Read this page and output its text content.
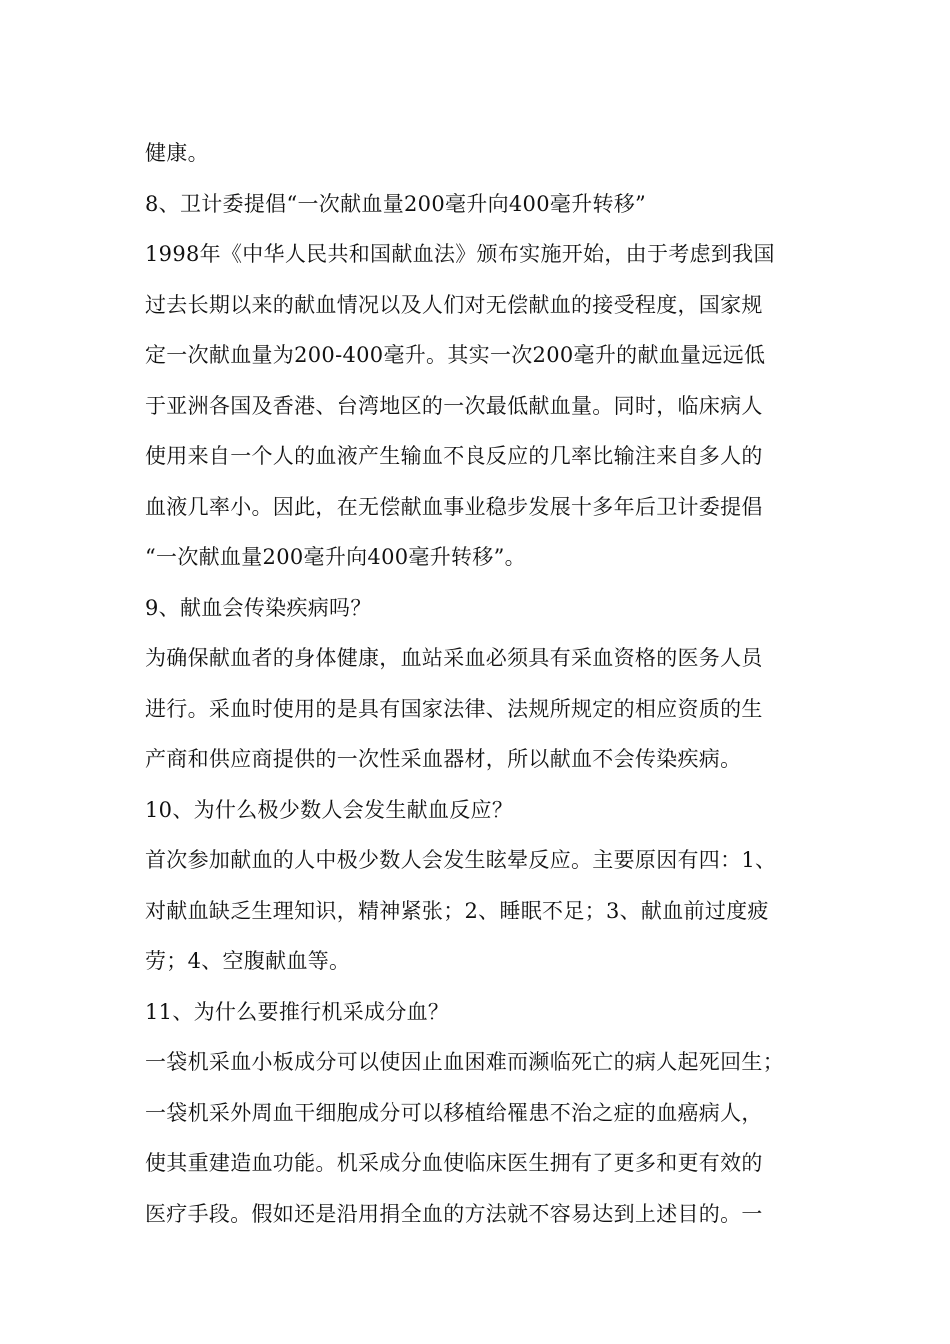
健康。
8、卫计委提倡“一次献血量200毫升向400毫升转移”
1998年《中华人民共和国献血法》颁布实施开始，由于考虑到我国
过去长期以来的献血情况以及人们对无偿献血的接受程度，国家规
定一次献血量为200-400毫升。其实一次200毫升的献血量远远低
于亚洲各国及香港、台湾地区的一次最低献血量。同时，临床病人
使用来自一个人的血液产生输血不良反应的几率比输注来自多人的
血液几率小。因此，在无偿献血事业稳步发展十多年后卫计委提倡
“一次献血量200毫升向400毫升转移”。
9、献血会传染疾病吗？
为确保献血者的身体健康，血站采血必须具有采血资格的医务人员
进行。采血时使用的是具有国家法律、法规所规定的相应资质的生
产商和供应商提供的一次性采血器材，所以献血不会传染疾病。
10、为什么极少数人会发生献血反应？
首次参加献血的人中极少数人会发生眩晕反应。主要原因有四：1、
对献血缺乏生理知识，精神紧张；2、睡眠不足；3、献血前过度疲
劳；4、空腹献血等。
11、为什么要推行机采成分血？
一袋机采血小板成分可以使因止血困难而濒临死亡的病人起死回生；
一袋机采外周血干细胞成分可以移植给罹患不治之症的血癌病人，
使其重建造血功能。机采成分血使临床医生拥有了更多和更有效的
医疗手段。假如还是沿用捐全血的方法就不容易达到上述目的。一
